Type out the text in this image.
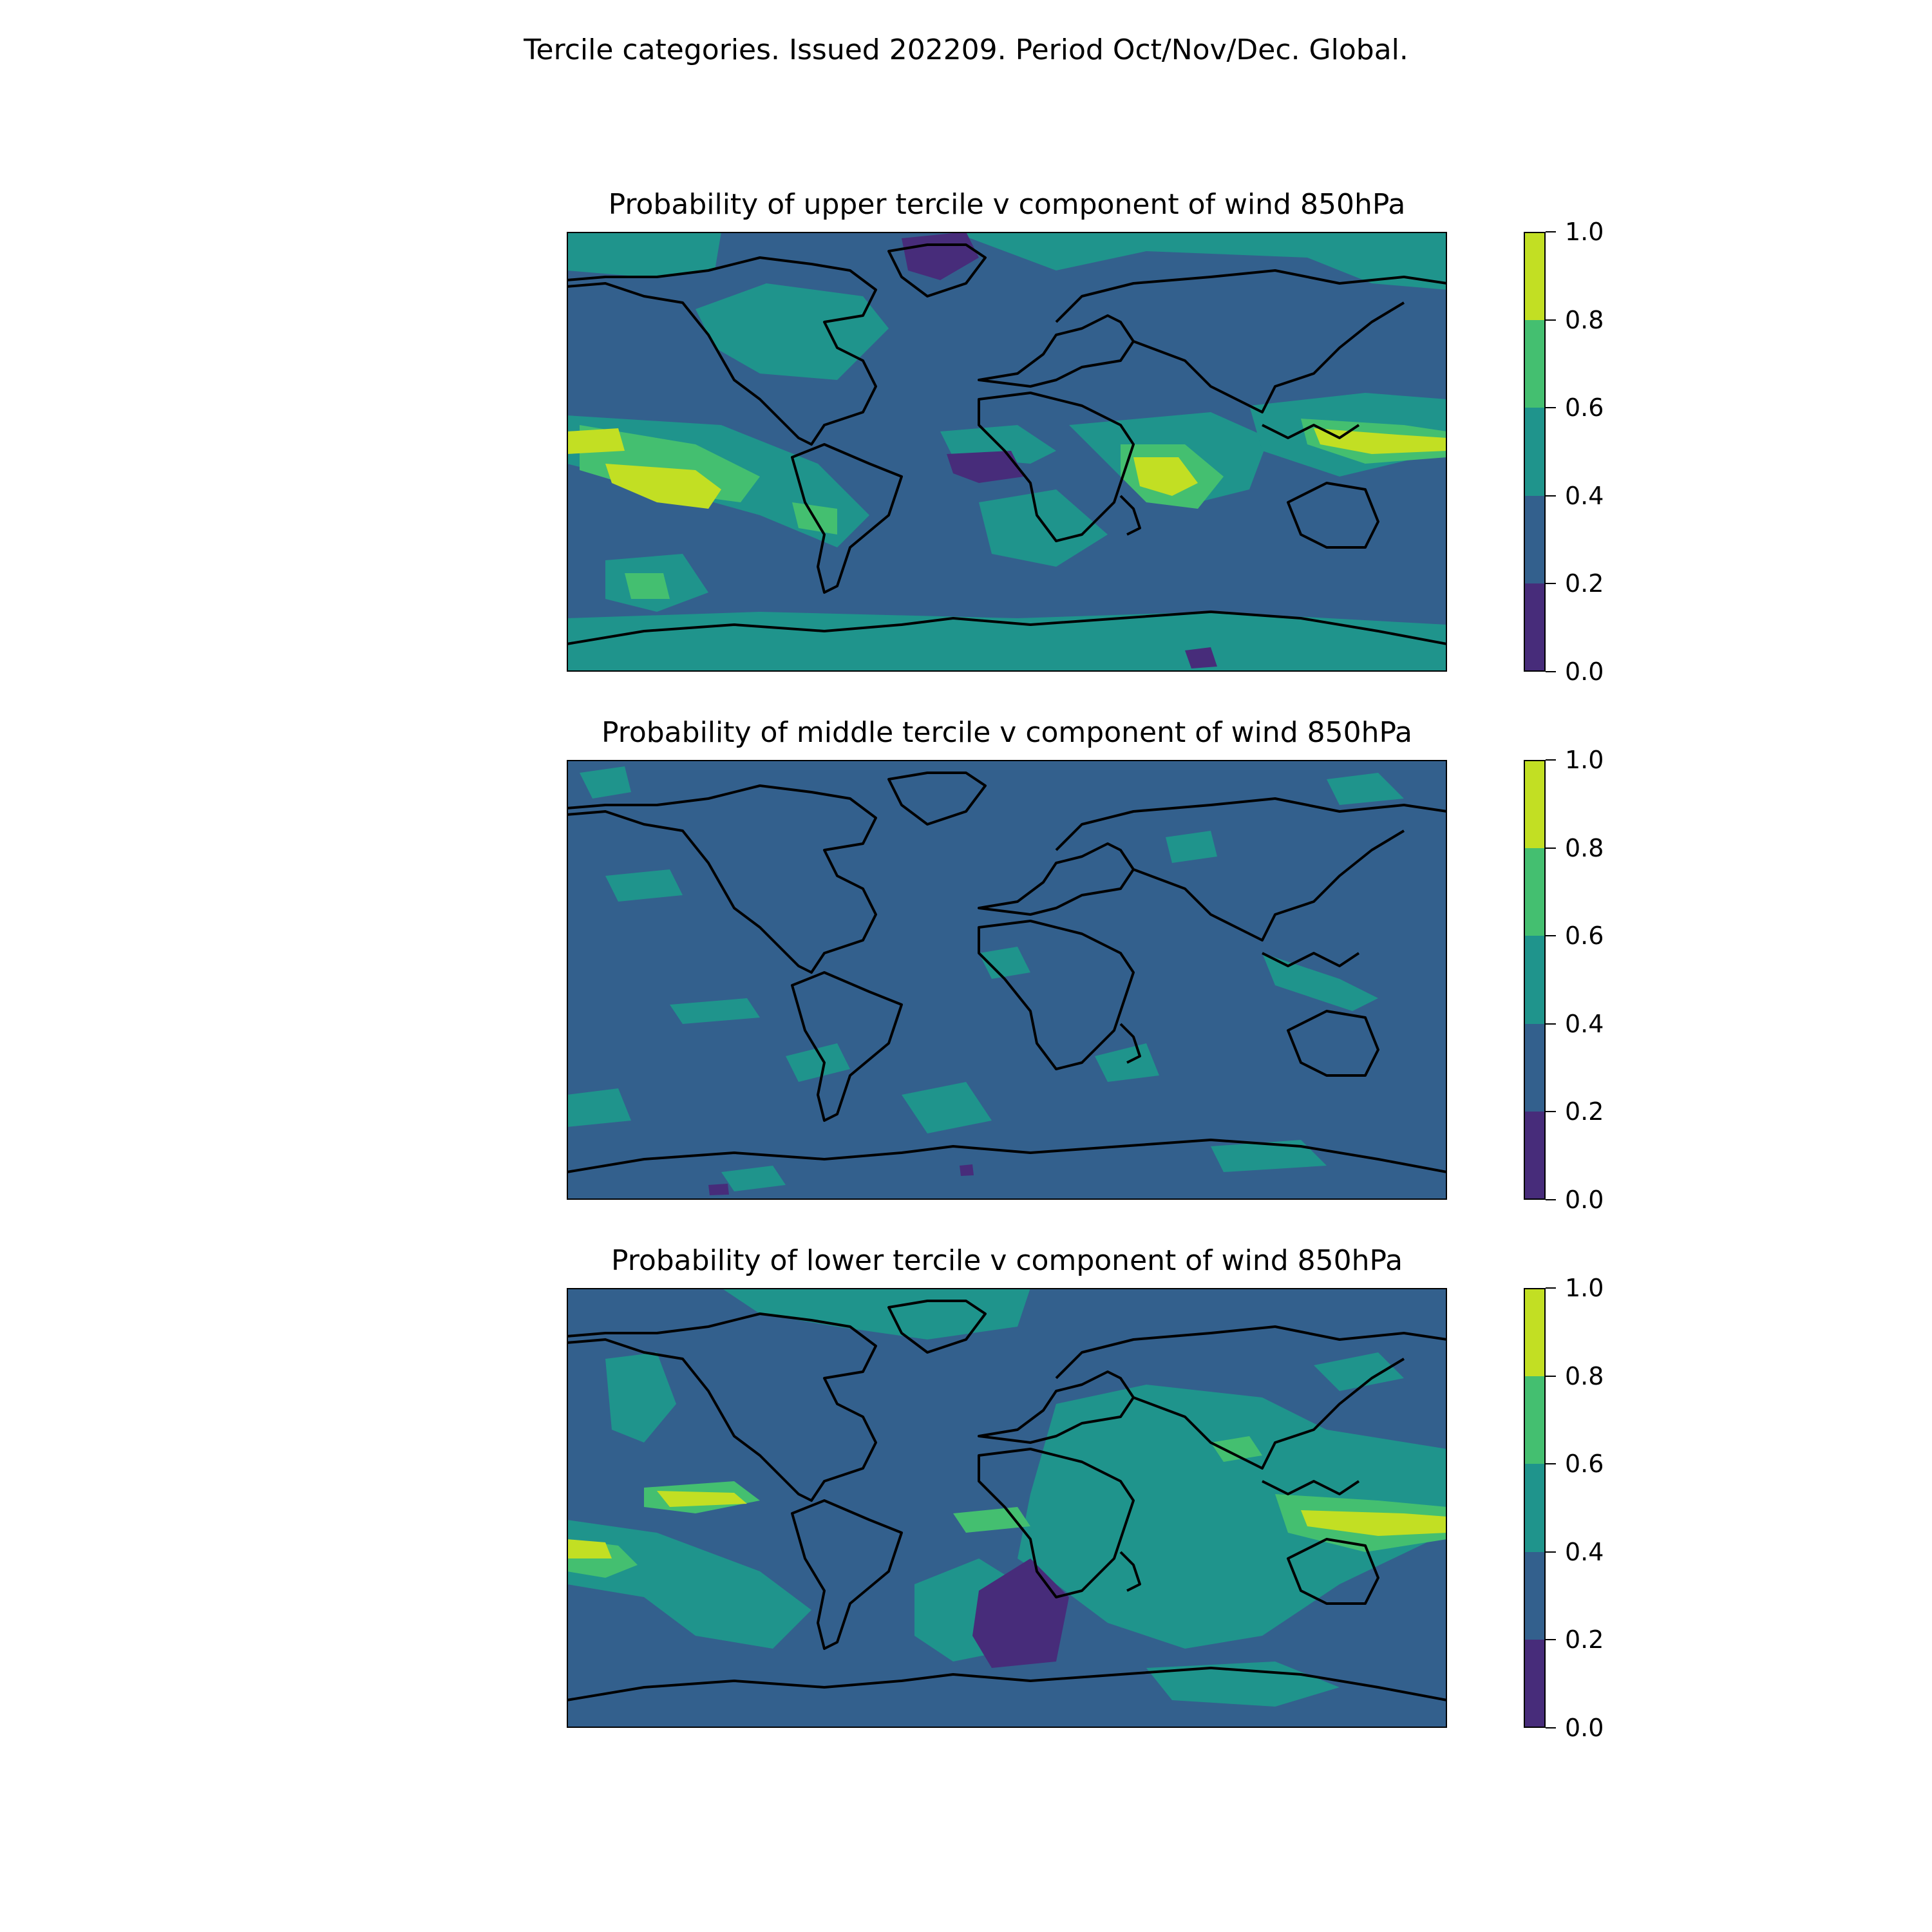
Tercile categories. Issued 202209. Period Oct/Nov/Dec. Global.
Probability of upper tercile v component of wind 850hPa
0.0
0.2
0.4
0.6
0.8
1.0
Probability of middle tercile v component of wind 850hPa
0.0
0.2
0.4
0.6
0.8
1.0
Probability of lower tercile v component of wind 850hPa
0.0
0.2
0.4
0.6
0.8
1.0
